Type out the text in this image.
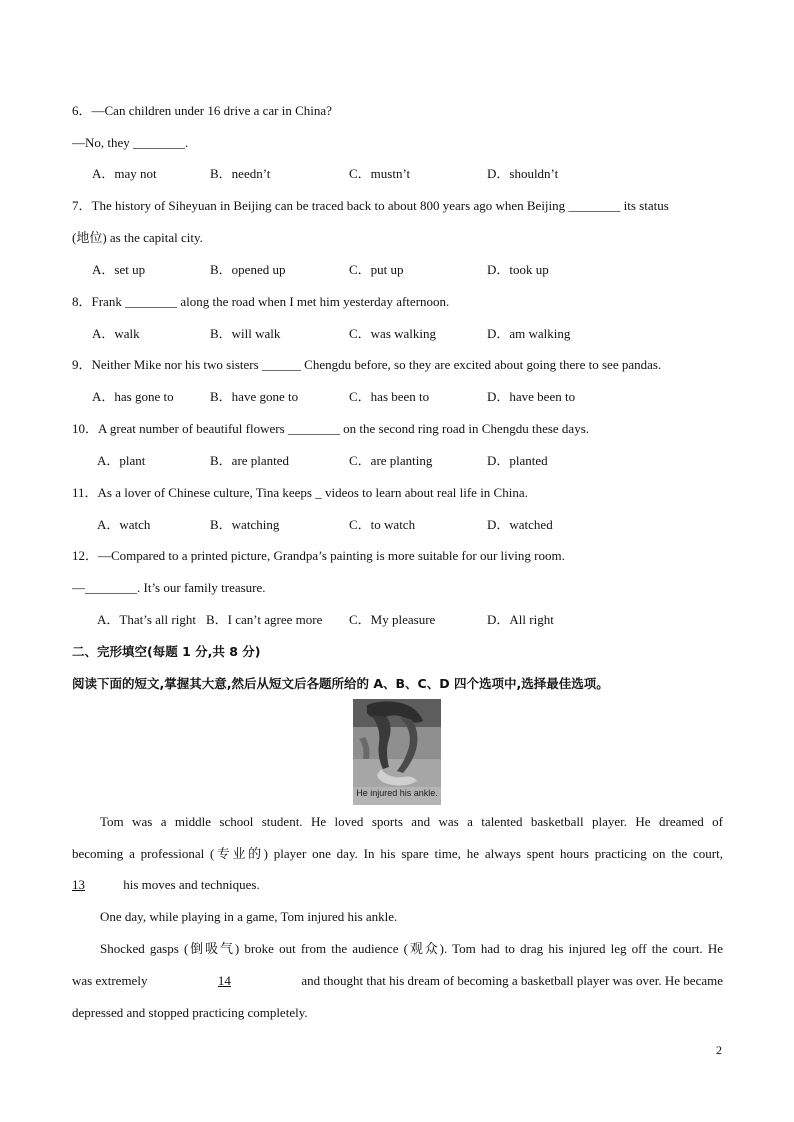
6．—Can children under 16 drive a car in China?
—No, they ________.
A．may not	B．needn’t	C．mustn’t	D．shouldn’t
7．The history of Siheyuan in Beijing can be traced back to about 800 years ago when Beijing ________ its status
(地位) as the capital city.
A．set up	B．opened up	C．put up	D．took up
8．Frank ________ along the road when I met him yesterday afternoon.
A．walk	B．will walk	C．was walking	D．am walking
9．Neither Mike nor his two sisters ______ Chengdu before, so they are excited about going there to see pandas.
A．has gone to	B．have gone to	C．has been to	D．have been to
10．A great number of beautiful flowers ________ on the second ring road in Chengdu these days.
A．plant	B．are planted	C．are planting	D．planted
11．As a lover of Chinese culture, Tina keeps _ videos to learn about real life in China.
A．watch	B．watching	C．to watch	D．watched
12．—Compared to a printed picture, Grandpa’s painting is more suitable for our living room.
—________. It’s our family treasure.
A．That’s all right B．I can’t agree more C．My pleasure	D．All right
二、完形填空(每题 1 分,共 8 分)
阅读下面的短文,掌握其大意,然后从短文后各题所给的 A、B、C、D 四个选项中,选择最佳选项。
He injured his ankle.
Tom was a middle school student. He loved sports and was a talented basketball player. He dreamed of
becoming a professional (专业的) player one day. In his spare time, he always spent hours practicing on the court,
13	his moves and techniques.
One day, while playing in a game, Tom injured his ankle.
Shocked gasps (倒吸气) broke out from the audience (观众). Tom had to drag his injured leg off the court. He
was extremely	14	and thought that his dream of becoming a basketball player was over. He became
depressed and stopped practicing completely.
2
